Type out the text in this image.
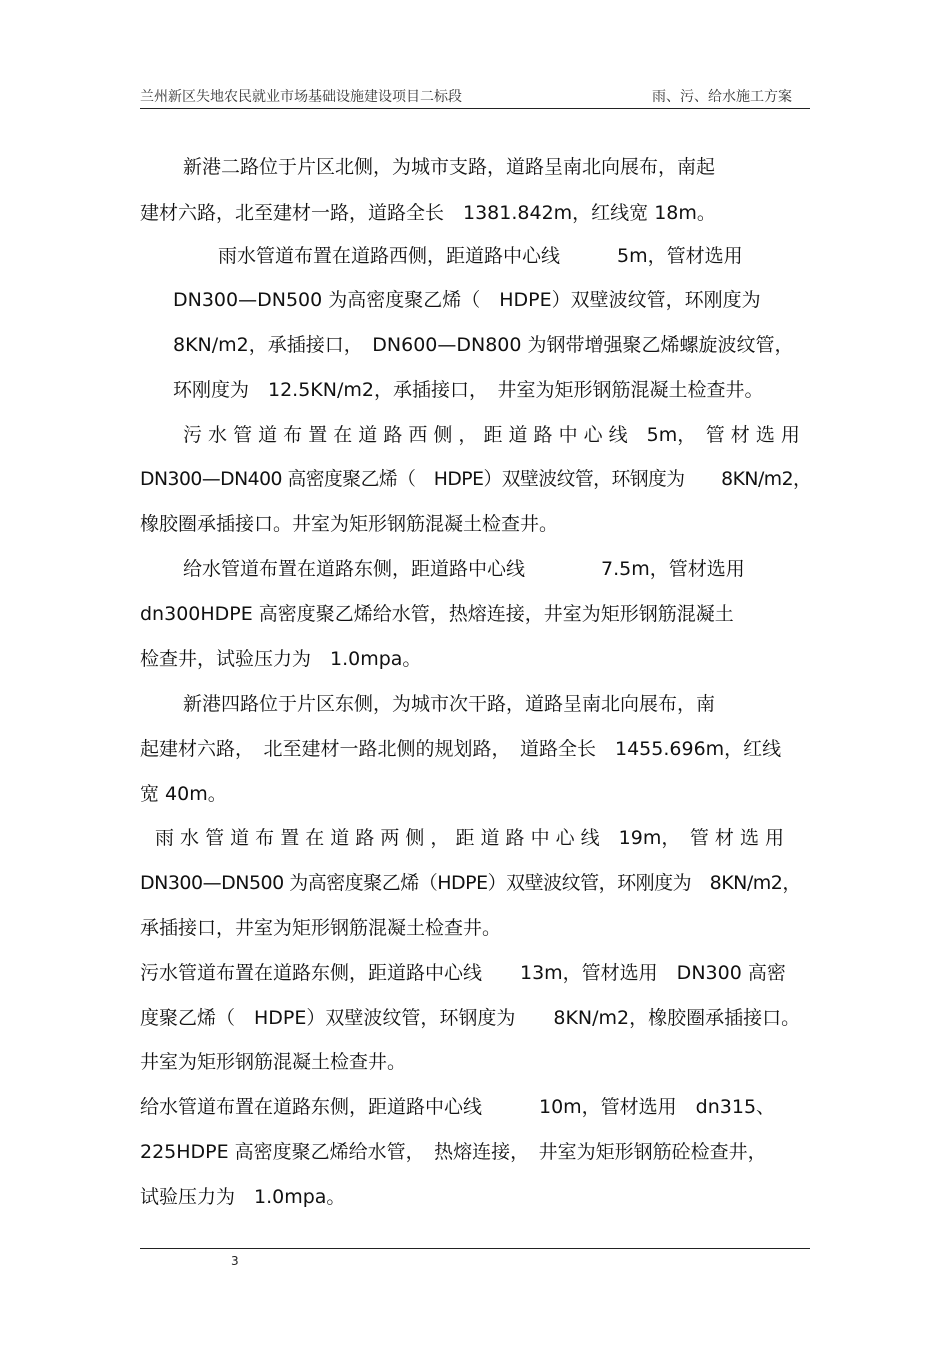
兰州新区失地农民就业市场基础设施建设项目二标段	雨、污、给水施工方案
新港二路位于片区北侧，为城市支路，道路呈南北向展布，南起
建材六路，北至建材一路，道路全长　1381.842m，红线宽 18m。
雨水管道布置在道路西侧，距道路中心线　　　5m，管材选用
DN300—DN500 为高密度聚乙烯（　HDPE）双壁波纹管，环刚度为
8KN/m2，承插接口，　DN600—DN800 为钢带增强聚乙烯螺旋波纹管，
环刚度为　12.5KN/m2，承插接口，　井室为矩形钢筋混凝土检查井。
污 水 管 道 布 置 在 道 路 西 侧 ， 距 道 路 中 心 线　5m，　管 材 选 用
DN300—DN400 高密度聚乙烯（　HDPE）双壁波纹管，环钢度为　　8KN/m2，
橡胶圈承插接口。井室为矩形钢筋混凝土检查井。
给水管道布置在道路东侧，距道路中心线　　　　7.5m，管材选用
dn300HDPE 高密度聚乙烯给水管，热熔连接，井室为矩形钢筋混凝土
检查井，试验压力为　1.0mpa。
新港四路位于片区东侧，为城市次干路，道路呈南北向展布，南
起建材六路，　北至建材一路北侧的规划路，　道路全长　1455.696m，红线
宽 40m。
雨 水 管 道 布 置 在 道 路 两 侧 ， 距 道 路 中 心 线　19m，　管 材 选 用
DN300—DN500 为高密度聚乙烯（HDPE）双壁波纹管，环刚度为　8KN/m2，
承插接口，井室为矩形钢筋混凝土检查井。
污水管道布置在道路东侧，距道路中心线　　13m，管材选用　DN300 高密
度聚乙烯（　HDPE）双壁波纹管，环钢度为　　8KN/m2，橡胶圈承插接口。
井室为矩形钢筋混凝土检查井。
给水管道布置在道路东侧，距道路中心线　　　10m，管材选用　dn315、
225HDPE 高密度聚乙烯给水管，　热熔连接，　井室为矩形钢筋砼检查井，
试验压力为　1.0mpa。
3
